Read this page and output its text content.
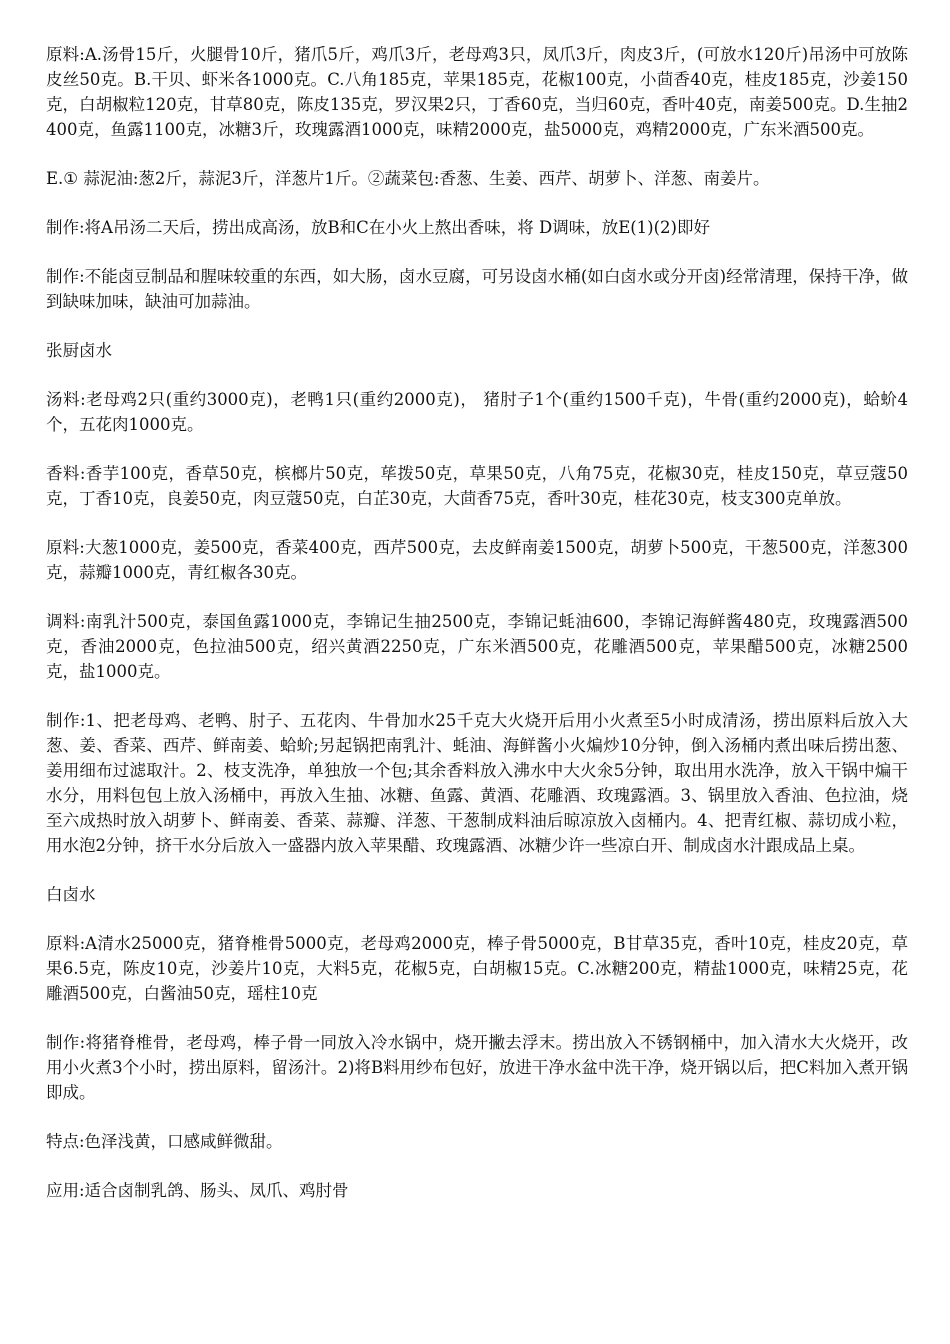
原料:A.汤骨15斤，火腿骨10斤，猪爪5斤，鸡爪3斤，老母鸡3只，凤爪3斤，肉皮3斤，(可放水120斤)吊汤中可放陈皮丝50克。B.干贝、虾米各1000克。C.八角185克，苹果185克，花椒100克，小茴香40克，桂皮185克，沙姜150克，白胡椒粒120克，甘草80克，陈皮135克，罗汉果2只，丁香60克，当归60克，香叶40克，南姜500克。D.生抽2400克，鱼露1100克，冰糖3斤，玫瑰露酒1000克，味精2000克，盐5000克，鸡精2000克，广东米酒500克。

E.① 蒜泥油:葱2斤，蒜泥3斤，洋葱片1斤。②蔬菜包:香葱、生姜、西芹、胡萝卜、洋葱、南姜片。

制作:将A吊汤二天后，捞出成高汤，放B和C在小火上熬出香味，将 D调味，放E(1)(2)即好

制作:不能卤豆制品和腥味较重的东西，如大肠，卤水豆腐，可另设卤水桶(如白卤水或分开卤)经常清理，保持干净，做到缺味加味，缺油可加蒜油。

张厨卤水

汤料:老母鸡2只(重约3000克)，老鸭1只(重约2000克)， 猪肘子1个(重约1500千克)，牛骨(重约2000克)，蛤蚧4个，五花肉1000克。

香料:香芋100克，香草50克，槟榔片50克，荜拨50克，草果50克，八角75克，花椒30克，桂皮150克，草豆蔻50克，丁香10克，良姜50克，肉豆蔻50克，白芷30克，大茴香75克，香叶30克，桂花30克，枝支300克单放。

原料:大葱1000克，姜500克，香菜400克，西芹500克，去皮鲜南姜1500克，胡萝卜500克，干葱500克，洋葱300克，蒜瓣1000克，青红椒各30克。

调料:南乳汁500克，泰国鱼露1000克，李锦记生抽2500克，李锦记蚝油600，李锦记海鲜酱480克，玫瑰露酒500克，香油2000克，色拉油500克，绍兴黄酒2250克，广东米酒500克，花雕酒500克，苹果醋500克，冰糖2500克，盐1000克。

制作:1、把老母鸡、老鸭、肘子、五花肉、牛骨加水25千克大火烧开后用小火煮至5小时成清汤，捞出原料后放入大葱、姜、香菜、西芹、鲜南姜、蛤蚧;另起锅把南乳汁、蚝油、海鲜酱小火煸炒10分钟，倒入汤桶内煮出味后捞出葱、姜用细布过滤取汁。2、枝支洗净，单独放一个包;其余香料放入沸水中大火氽5分钟，取出用水洗净，放入干锅中煸干水分，用料包包上放入汤桶中，再放入生抽、冰糖、鱼露、黄酒、花雕酒、玫瑰露酒。3、锅里放入香油、色拉油，烧至六成热时放入胡萝卜、鲜南姜、香菜、蒜瓣、洋葱、干葱制成料油后晾凉放入卤桶内。4、把青红椒、蒜切成小粒，用水泡2分钟，挤干水分后放入一盛器内放入苹果醋、玫瑰露酒、冰糖少许一些凉白开、制成卤水汁跟成品上桌。

白卤水

原料:A清水25000克，猪脊椎骨5000克，老母鸡2000克，棒子骨5000克，B甘草35克，香叶10克，桂皮20克，草果6.5克，陈皮10克，沙姜片10克，大料5克，花椒5克，白胡椒15克。C.冰糖200克，精盐1000克，味精25克，花雕酒500克，白酱油50克，瑶柱10克

制作:将猪脊椎骨，老母鸡，棒子骨一同放入冷水锅中，烧开撇去浮末。捞出放入不锈钢桶中，加入清水大火烧开，改用小火煮3个小时，捞出原料，留汤汁。2)将B料用纱布包好，放进干净水盆中洗干净，烧开锅以后，把C料加入煮开锅即成。

特点:色泽浅黄，口感咸鲜微甜。

应用:适合卤制乳鸽、肠头、凤爪、鸡肘骨
